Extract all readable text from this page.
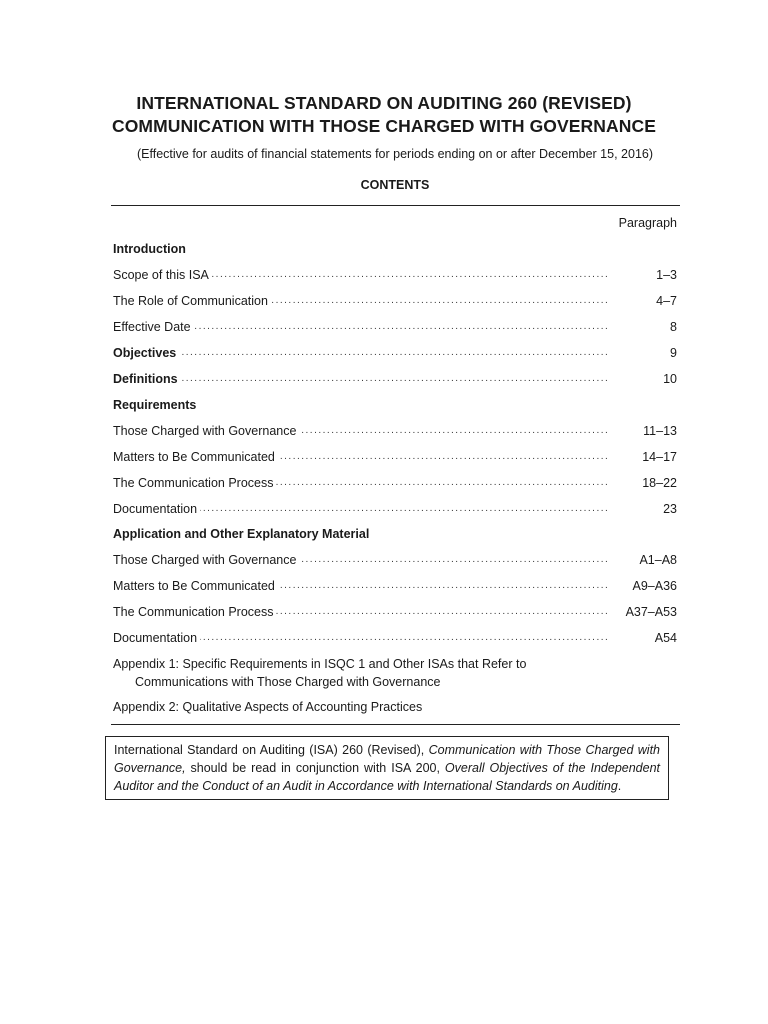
INTERNATIONAL STANDARD ON AUDITING 260 (REVISED)
COMMUNICATION WITH THOSE CHARGED WITH GOVERNANCE
(Effective for audits of financial statements for periods ending on or after December 15, 2016)
CONTENTS
Paragraph
Introduction
.....
Scope of this ISA	1–3
.....
The Role of Communication	4–7
.....
Effective Date	8
.....
Objectives	9
.....
Definitions	10
Requirements
.....
Those Charged with Governance	11–13
.....
Matters to Be Communicated	14–17
.....
The Communication Process	18–22
.....
Documentation	23
Application and Other Explanatory Material
.....
Those Charged with Governance	A1–A8
.....
Matters to Be Communicated	A9–A36
.....
The Communication Process	A37–A53
.....
Documentation	A54
Appendix 1: Specific Requirements in ISQC 1 and Other ISAs that Refer to
Communications with Those Charged with Governance
Appendix 2: Qualitative Aspects of Accounting Practices
International Standard on Auditing (ISA) 260 (Revised), Communication with Those Charged with Governance, should be read in conjunction with ISA 200, Overall Objectives of the Independent Auditor and the Conduct of an Audit in Accordance with International Standards on Auditing.
